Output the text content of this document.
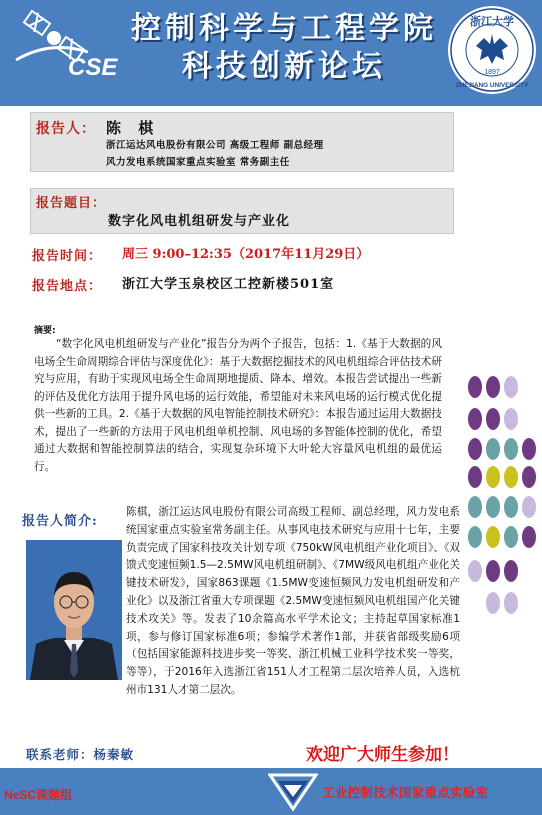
CSE
控制科学与工程学院
科技创新论坛
浙江大学
ZHEJIANG UNIVERSITY
1897
报告人： 陈 棋
浙江运达风电股份有限公司 高级工程师 副总经理
风力发电系统国家重点实验室 常务副主任
报告题目：
数字化风电机组研发与产业化
报告时间： 周三 9:00–12:35（2017年11月29日）
报告地点： 浙江大学玉泉校区工控新楼501室
摘要:
“数字化风电机组研发与产业化”报告分为两个子报告，包括：1.《基于大数据的风电场全生命周期综合评估与深度优化》：基于大数据挖掘技术的风电机组综合评估技术研究与应用，有助于实现风电场全生命周期地提质、降本、增效。本报告尝试提出一些新的评估及优化方法用于提升风电场的运行效能，希望能对未来风电场的运行模式优化提供一些新的工具。2.《基于大数据的风电智能控制技术研究》：本报告通过运用大数据技术，提出了一些新的方法用于风电机组单机控制、风电场的多智能体控制的优化，希望通过大数据和智能控制算法的结合，实现复杂环境下大叶轮大容量风电机组的最优运行。
报告人简介:
陈棋，浙江运达风电股份有限公司高级工程师、副总经理，风力发电系统国家重点实验室常务副主任。从事风电技术研究与应用十七年，主要负责完成了国家科技攻关计划专项《750kW风电机组产业化项目》、《双馈式变速恒频1.5—2.5MW风电机组研制》、《7MW级风电机组产业化关键技术研发》，国家863课题《1.5MW变速恒频风力发电机组研发和产业化》以及浙江省重大专项课题《2.5MW变速恒频风电机组国产化关键技术攻关》等。发表了10余篇高水平学术论文；主持起草国家标准1项，参与修订国家标准6项；参编学术著作1部，并获省部级奖励6项（包括国家能源科技进步奖一等奖、浙江机械工业科学技术奖一等奖，等等），于2016年入选浙江省151人才工程第二层次培养人员，入选杭州市131人才第二层次。
联系老师：杨秦敏	欢迎广大师生参加！
NeSC课题组	工业控制技术国家重点实验室
